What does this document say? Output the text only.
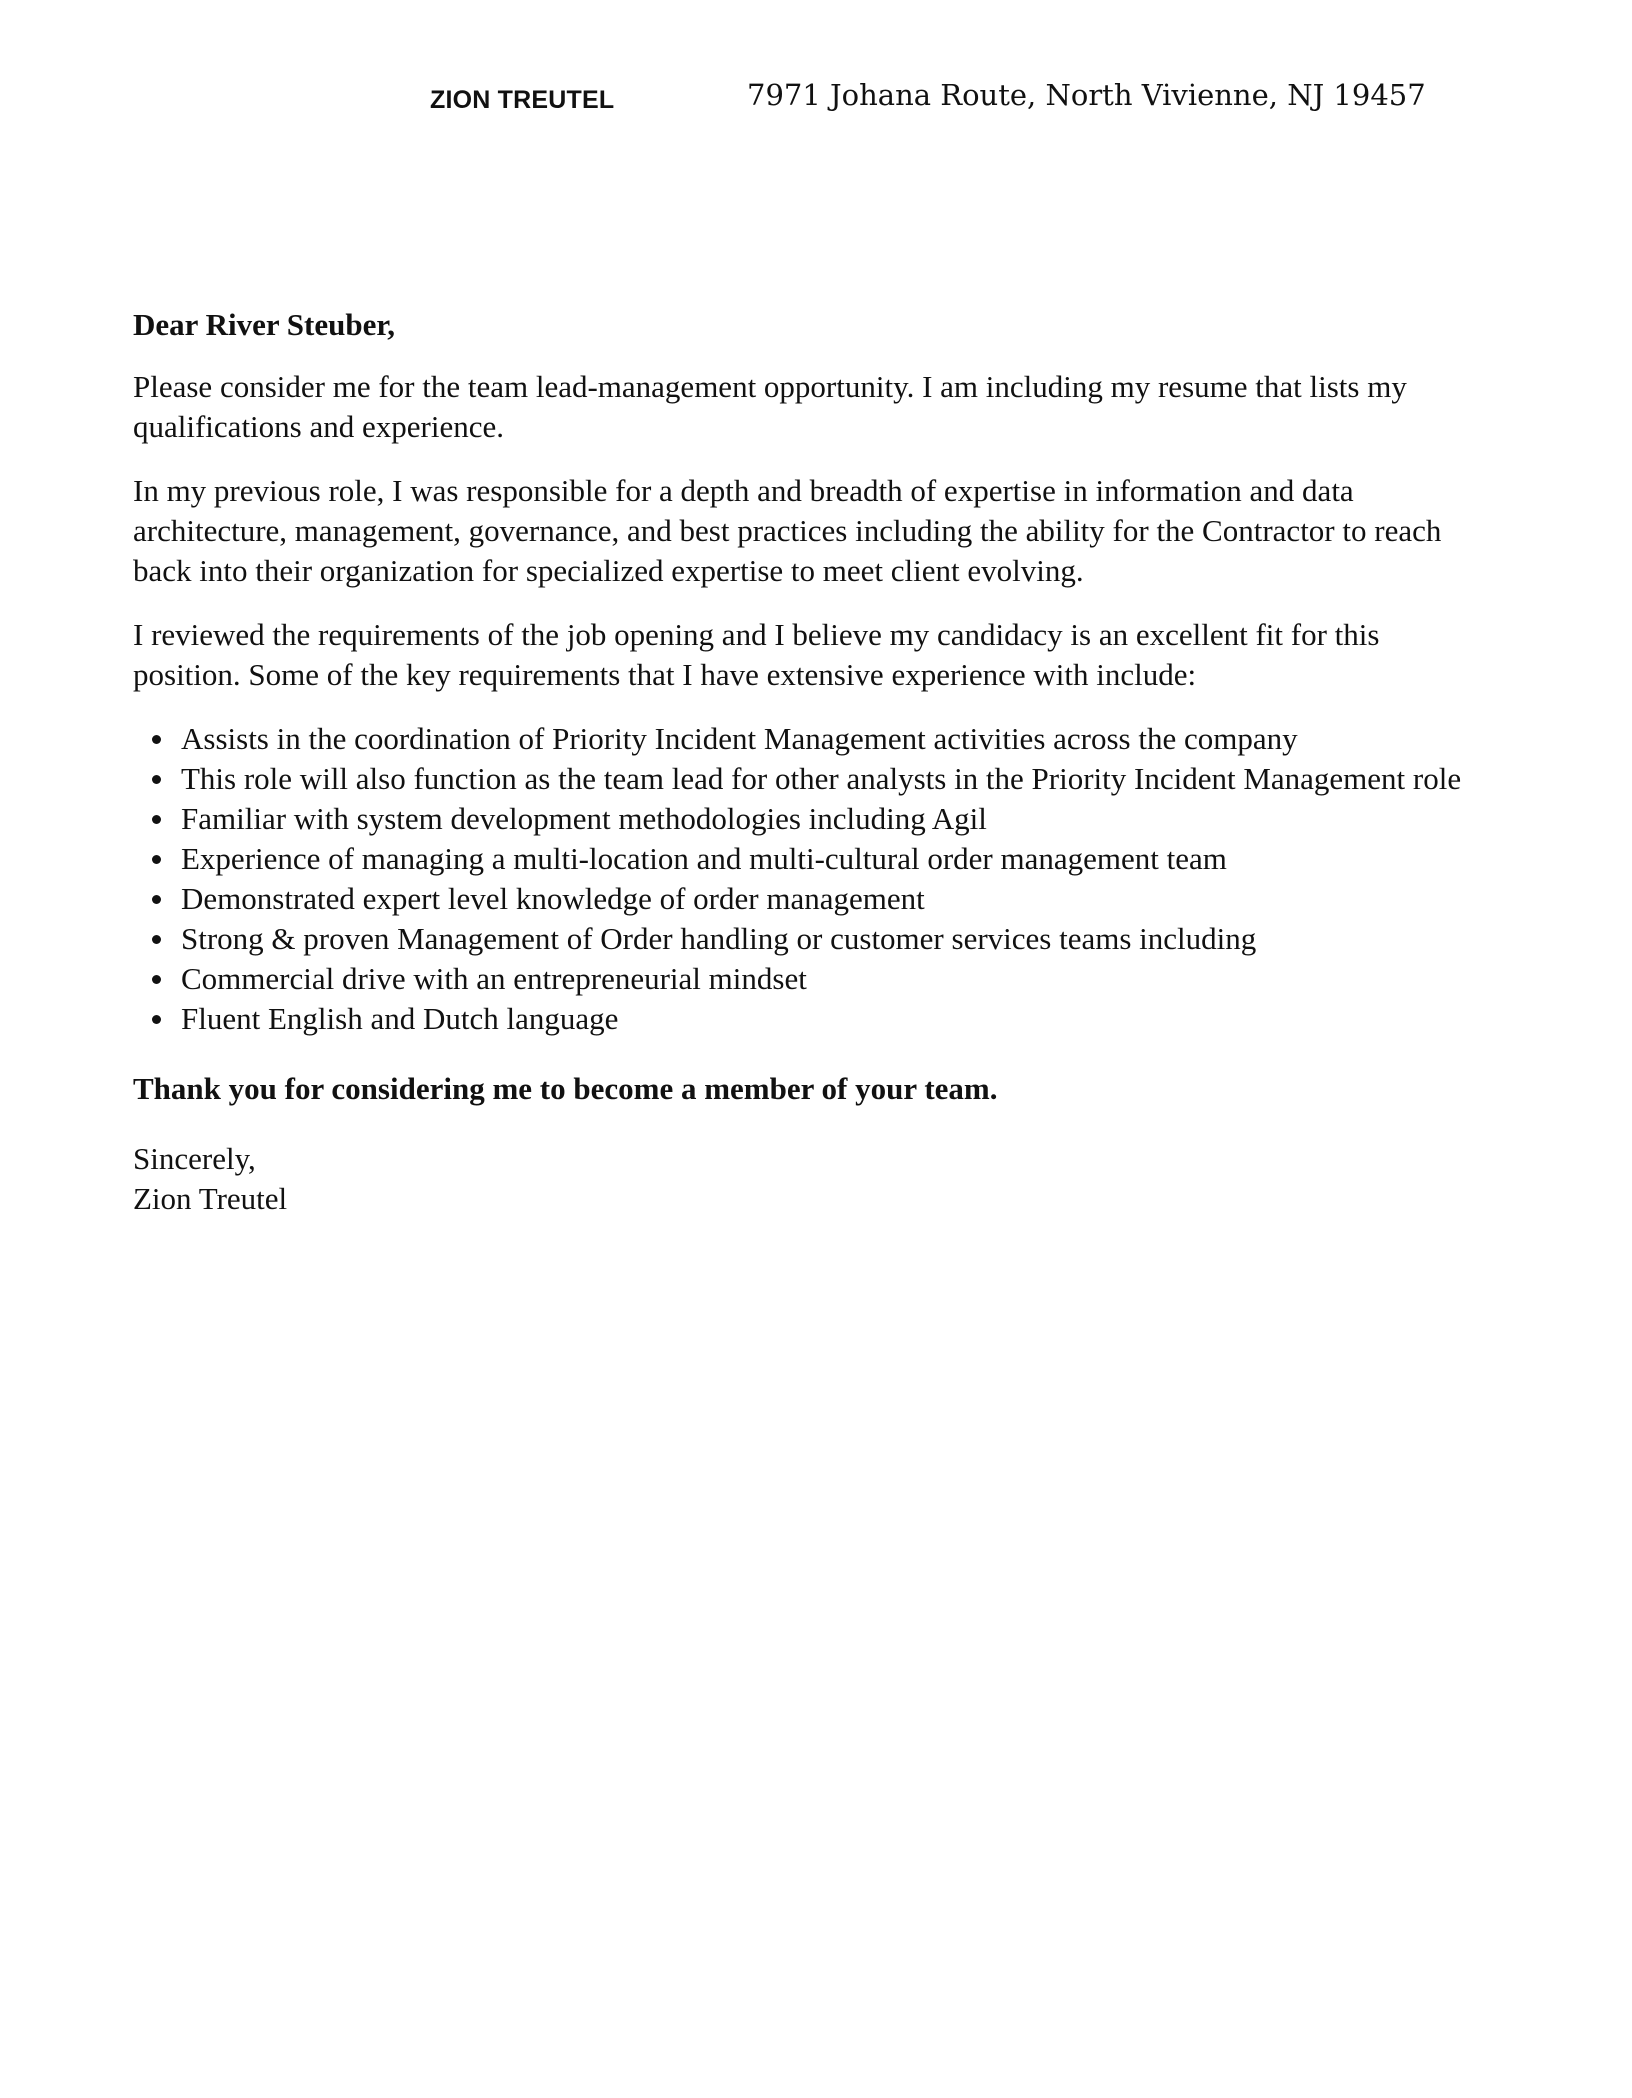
ZION TREUTEL	7971 Johana Route, North Vivienne, NJ 19457

Dear River Steuber,

Please consider me for the team lead-management opportunity. I am including my resume that lists my qualifications and experience.

In my previous role, I was responsible for a depth and breadth of expertise in information and data architecture, management, governance, and best practices including the ability for the Contractor to reach back into their organization for specialized expertise to meet client evolving.

I reviewed the requirements of the job opening and I believe my candidacy is an excellent fit for this position. Some of the key requirements that I have extensive experience with include:

Assists in the coordination of Priority Incident Management activities across the company
This role will also function as the team lead for other analysts in the Priority Incident Management role
Familiar with system development methodologies including Agil
Experience of managing a multi-location and multi-cultural order management team
Demonstrated expert level knowledge of order management
Strong & proven Management of Order handling or customer services teams including
Commercial drive with an entrepreneurial mindset
Fluent English and Dutch language

Thank you for considering me to become a member of your team.

Sincerely,

Zion Treutel
